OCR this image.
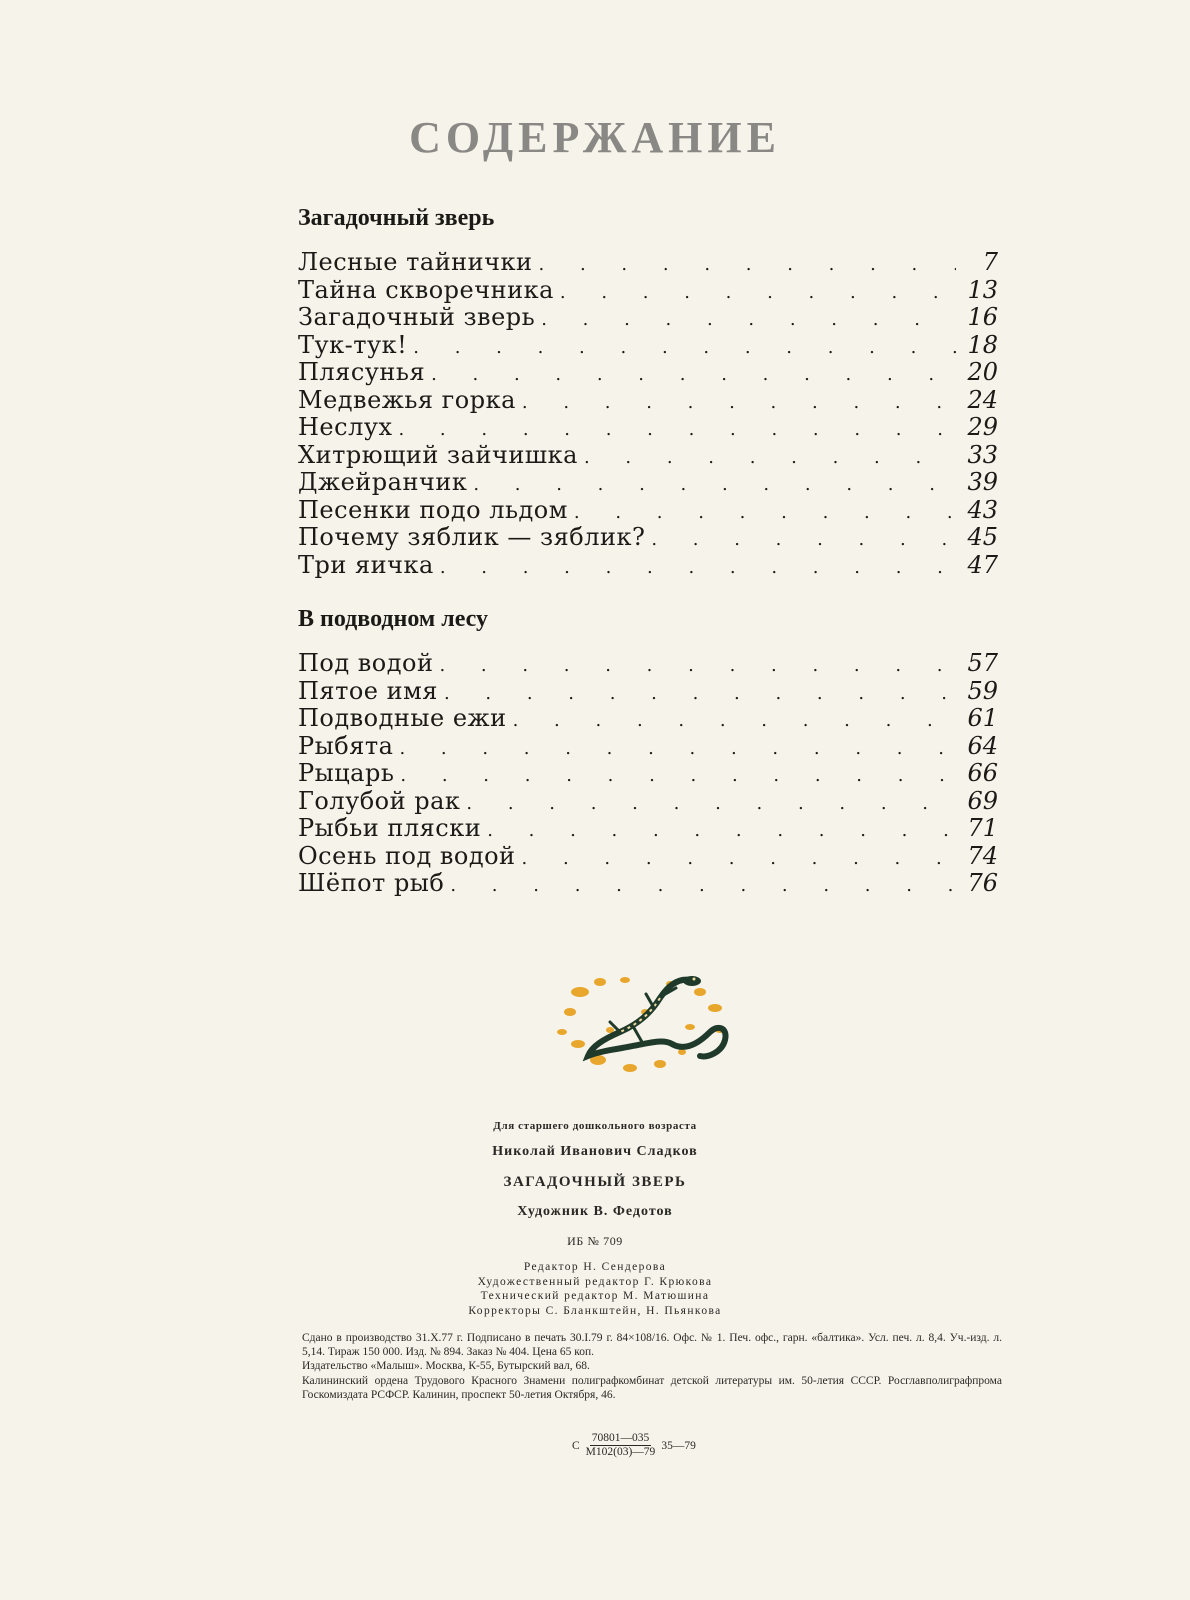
СОДЕРЖАНИЕ
Загадочный зверь
Лесные тайнички . . .	7
Тайна скворечника . . .	13
Загадочный зверь . . .	16
Тук-тук! . . .	18
Плясунья . . .	20
Медвежья горка . . .	24
Неслух . . .	29
Хитрющий зайчишка . . .	33
Джейранчик . . .	39
Песенки подо льдом . . .	43
Почему зяблик — зяблик? . . .	45
Три яичка . . .	47
В подводном лесу
Под водой . . .	57
Пятое имя . . .	59
Подводные ежи . . .	61
Рыбята . . .	64
Рыцарь . . .	66
Голубой рак . . .	69
Рыбьи пляски . . .	71
Осень под водой . . .	74
Шёпот рыб . . .	76

Для старшего дошкольного возраста

Николай Иванович Сладков

ЗАГАДОЧНЫЙ ЗВЕРЬ

Художник В. Федотов

ИБ № 709

Редактор Н. Сендерова

Художественный редактор Г. Крюкова

Технический редактор М. Матюшина

Корректоры С. Бланкштейн, Н. Пьянкова

Сдано в производство 31.X.77 г. Подписано в печать 30.I.79 г. 84×108/16. Офс. № 1. Печ. офс., гарн. «балтика». Усл. печ. л. 8,4. Уч.-изд. л. 5,14. Тираж 150 000. Изд. № 894. Заказ № 404. Цена 65 коп.

Издательство «Малыш». Москва, К-55, Бутырский вал, 68.

Калининский ордена Трудового Красного Знамени полиграфкомбинат детской литературы им. 50-летия СССР. Росглавполиграфпрома Госкомиздата РСФСР. Калинин, проспект 50-летия Октября, 46.

С $\frac{70801—035}{М102(03)—79}$ 35—79
